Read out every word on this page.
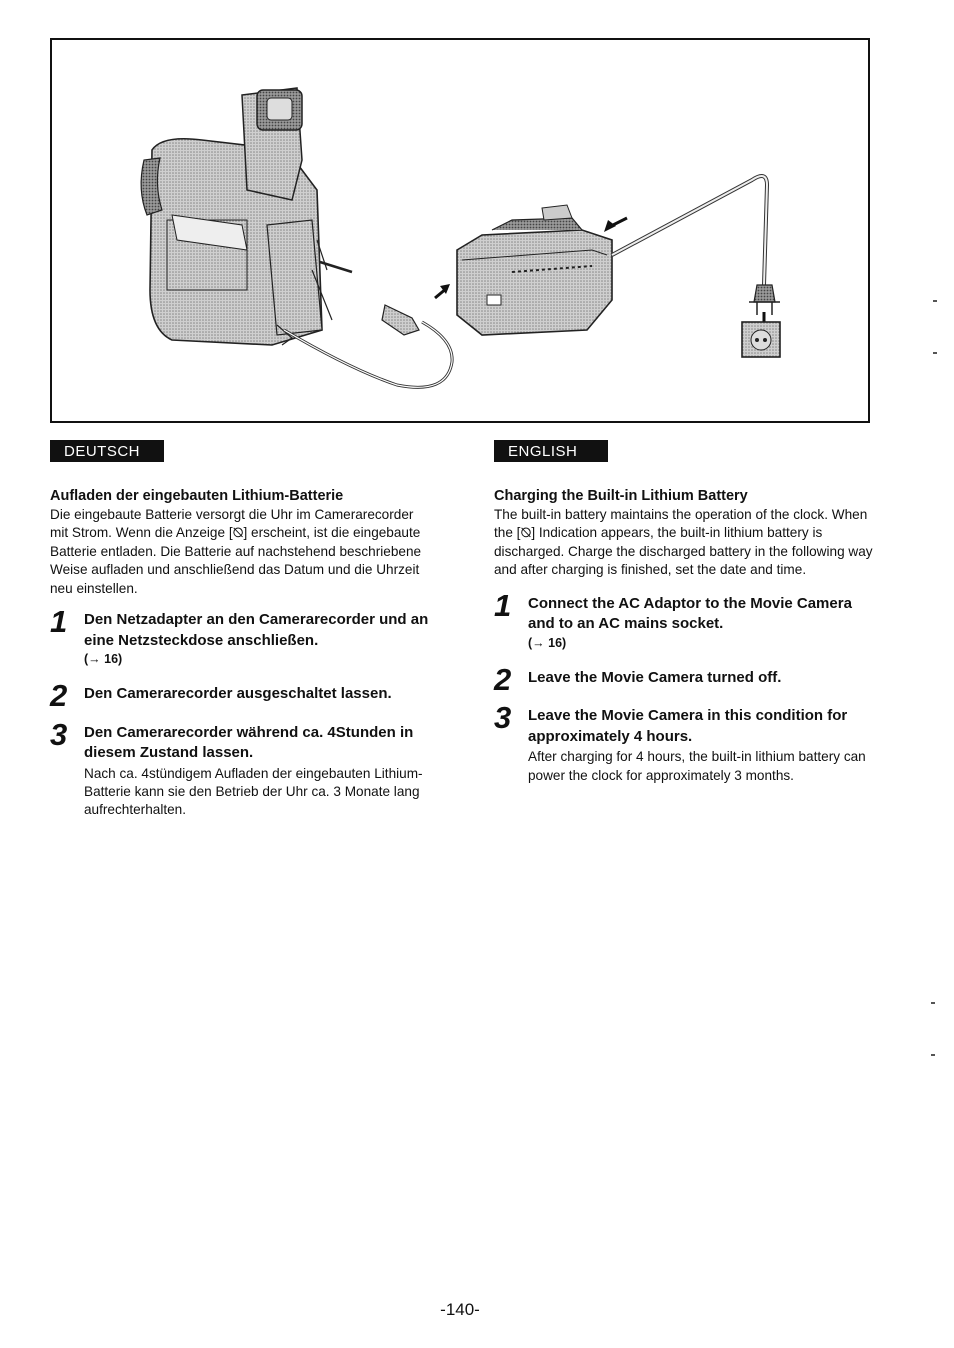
DEUTSCH
Aufladen der eingebauten Lithium-Batterie
Die eingebaute Batterie versorgt die Uhr im Camerarecorder mit Strom. Wenn die Anzeige [⦰] erscheint, ist die eingebaute Batterie entladen. Die Batterie auf nachstehend beschriebene Weise aufladen und anschließend das Datum und die Uhrzeit neu einstellen.
1 Den Netzadapter an den Camerarecorder und an eine Netzsteckdose anschließen.
(→ 16)
2 Den Camerarecorder ausgeschaltet lassen.
3 Den Camerarecorder während ca. 4Stunden in diesem Zustand lassen.
Nach ca. 4stündigem Aufladen der eingebauten Lithium-Batterie kann sie den Betrieb der Uhr ca. 3 Monate lang aufrechterhalten.
ENGLISH
Charging the Built-in Lithium Battery
The built-in battery maintains the operation of the clock. When the [⦰] Indication appears, the built-in lithium battery is discharged. Charge the discharged battery in the following way and after charging is finished, set the date and time.
1 Connect the AC Adaptor to the Movie Camera and to an AC mains socket.
(→ 16)
2 Leave the Movie Camera turned off.
3 Leave the Movie Camera in this condition for approximately 4 hours.
After charging for 4 hours, the built-in lithium battery can power the clock for approximately 3 months.
-140-
